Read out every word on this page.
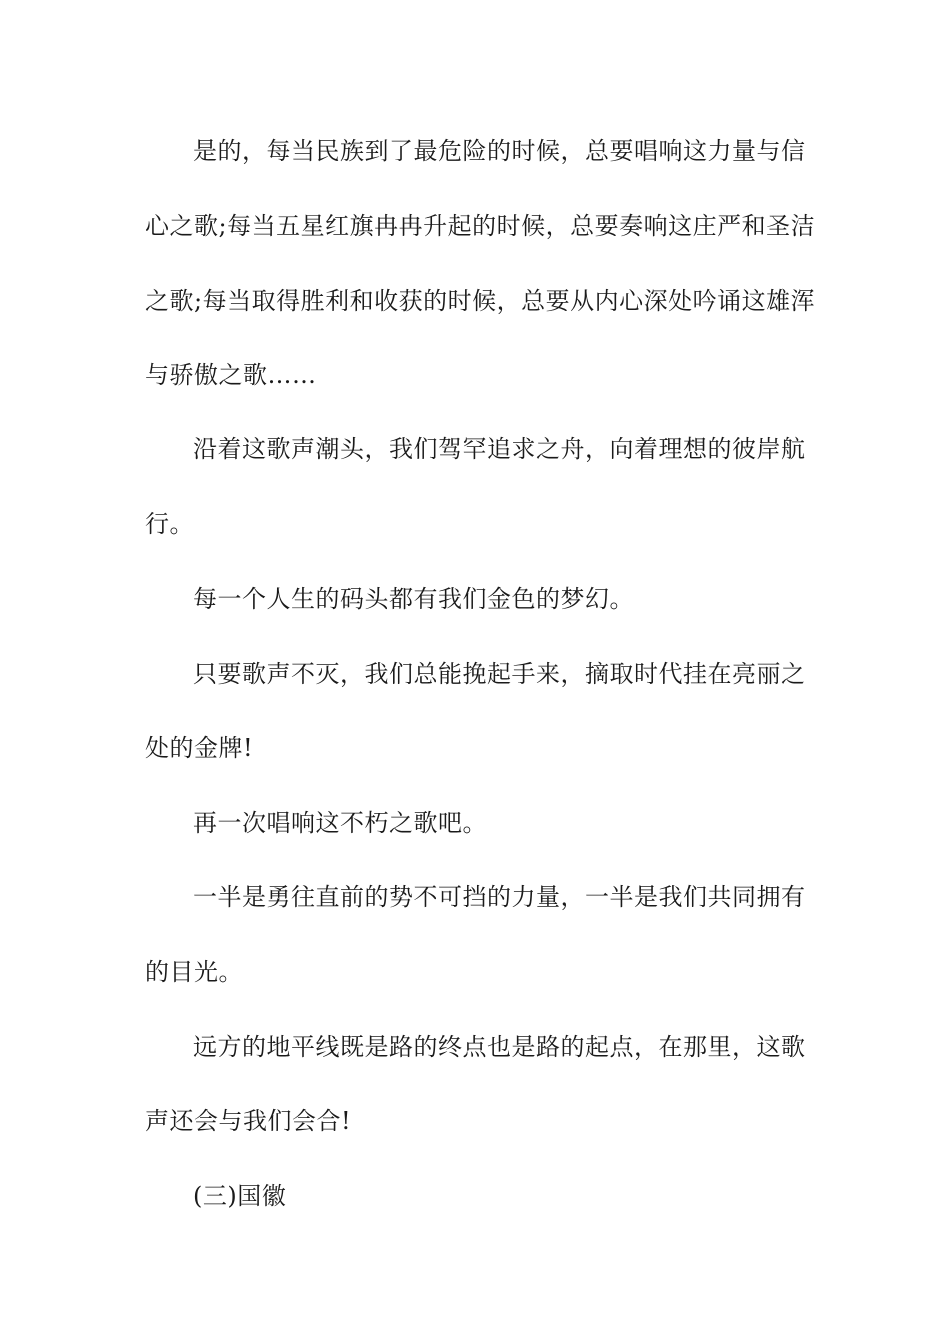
是的，每当民族到了最危险的时候，总要唱响这力量与信
心之歌;每当五星红旗冉冉升起的时候，总要奏响这庄严和圣洁
之歌;每当取得胜利和收获的时候，总要从内心深处吟诵这雄浑
与骄傲之歌……
沿着这歌声潮头，我们驾罕追求之舟，向着理想的彼岸航
行。
每一个人生的码头都有我们金色的梦幻。
只要歌声不灭，我们总能挽起手来，摘取时代挂在亮丽之
处的金牌!
再一次唱响这不朽之歌吧。
一半是勇往直前的势不可挡的力量，一半是我们共同拥有
的目光。
远方的地平线既是路的终点也是路的起点，在那里，这歌
声还会与我们会合!
(三)国徽
